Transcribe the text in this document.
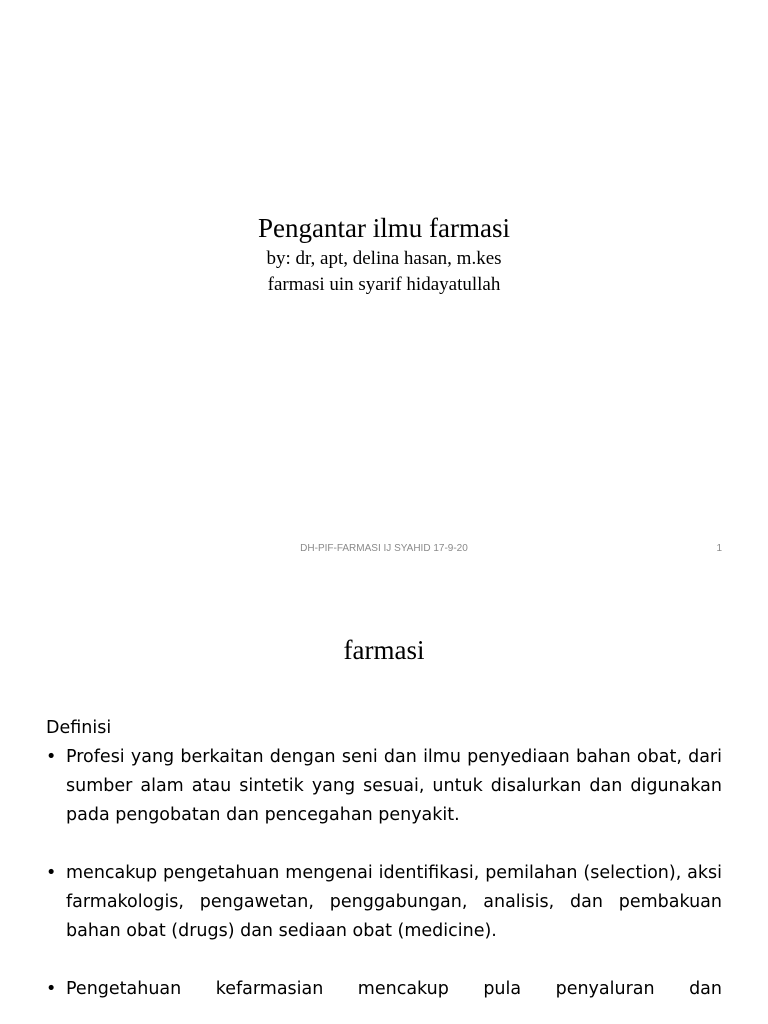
Pengantar ilmu farmasi
by: dr, apt, delina hasan, m.kes
farmasi uin syarif hidayatullah
DH-PIF-FARMASI IJ SYAHID 17-9-20	1
farmasi
Definisi
• Profesi yang berkaitan dengan seni dan ilmu penyediaan bahan obat, dari sumber alam atau sintetik yang sesuai, untuk disalurkan dan digunakan pada pengobatan dan pencegahan penyakit.
• mencakup pengetahuan mengenai identifikasi, pemilahan (selection), aksi farmakologis, pengawetan, penggabungan, analisis, dan pembakuan bahan obat (drugs) dan sediaan obat (medicine).
• Pengetahuan kefarmasian mencakup pula penyaluran dan
